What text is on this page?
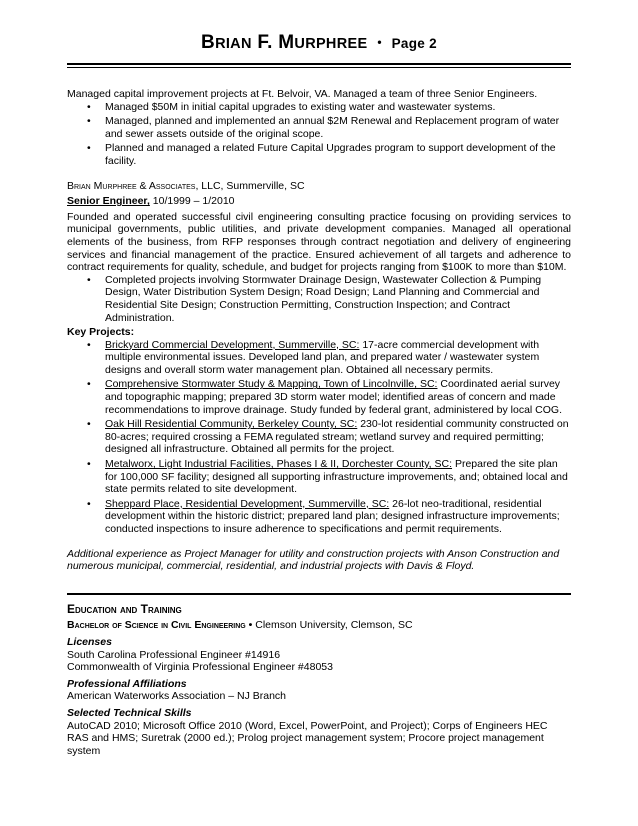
BRIAN F. MURPHREE • Page 2

Managed capital improvement projects at Ft. Belvoir, VA. Managed a team of three Senior Engineers.

• Managed $50M in initial capital upgrades to existing water and wastewater systems.
• Managed, planned and implemented an annual $2M Renewal and Replacement program of water and sewer assets outside of the original scope.
• Planned and managed a related Future Capital Upgrades program to support development of the facility.

Brian Murphree & Associates, LLC, Summerville, SC

Senior Engineer, 10/1999 – 1/2010

Founded and operated successful civil engineering consulting practice focusing on providing services to municipal governments, public utilities, and private development companies. Managed all operational elements of the business, from RFP responses through contract negotiation and delivery of engineering services and financial management of the practice. Ensured achievement of all targets and adherence to contract requirements for quality, schedule, and budget for projects ranging from $100K to more than $10M.

• Completed projects involving Stormwater Drainage Design, Wastewater Collection & Pumping Design, Water Distribution System Design; Road Design; Land Planning and Commercial and Residential Site Design; Construction Permitting, Construction Inspection; and Contract Administration.

Key Projects:

• Brickyard Commercial Development, Summerville, SC: 17-acre commercial development with multiple environmental issues. Developed land plan, and prepared water / wastewater system designs and overall storm water management plan. Obtained all necessary permits.
• Comprehensive Stormwater Study & Mapping, Town of Lincolnville, SC: Coordinated aerial survey and topographic mapping; prepared 3D storm water model; identified areas of concern and made recommendations to improve drainage. Study funded by federal grant, administered by local COG.
• Oak Hill Residential Community, Berkeley County, SC: 230-lot residential community constructed on 80-acres; required crossing a FEMA regulated stream; wetland survey and required permitting; designed all infrastructure. Obtained all permits for the project.
• Metalworx, Light Industrial Facilities, Phases I & II, Dorchester County, SC: Prepared the site plan for 100,000 SF facility; designed all supporting infrastructure improvements, and; obtained local and state permits related to site development.
• Sheppard Place, Residential Development, Summerville, SC: 26-lot neo-traditional, residential development within the historic district; prepared land plan; designed infrastructure improvements; conducted inspections to insure adherence to specifications and permit requirements.

Additional experience as Project Manager for utility and construction projects with Anson Construction and numerous municipal, commercial, residential, and industrial projects with Davis & Floyd.

Education and Training

Bachelor of Science in Civil Engineering • Clemson University, Clemson, SC

Licenses

South Carolina Professional Engineer #14916

Commonwealth of Virginia Professional Engineer #48053

Professional Affiliations

American Waterworks Association – NJ Branch

Selected Technical Skills

AutoCAD 2010; Microsoft Office 2010 (Word, Excel, PowerPoint, and Project); Corps of Engineers HEC RAS and HMS; Suretrak (2000 ed.); Prolog project management system; Procore project management system
